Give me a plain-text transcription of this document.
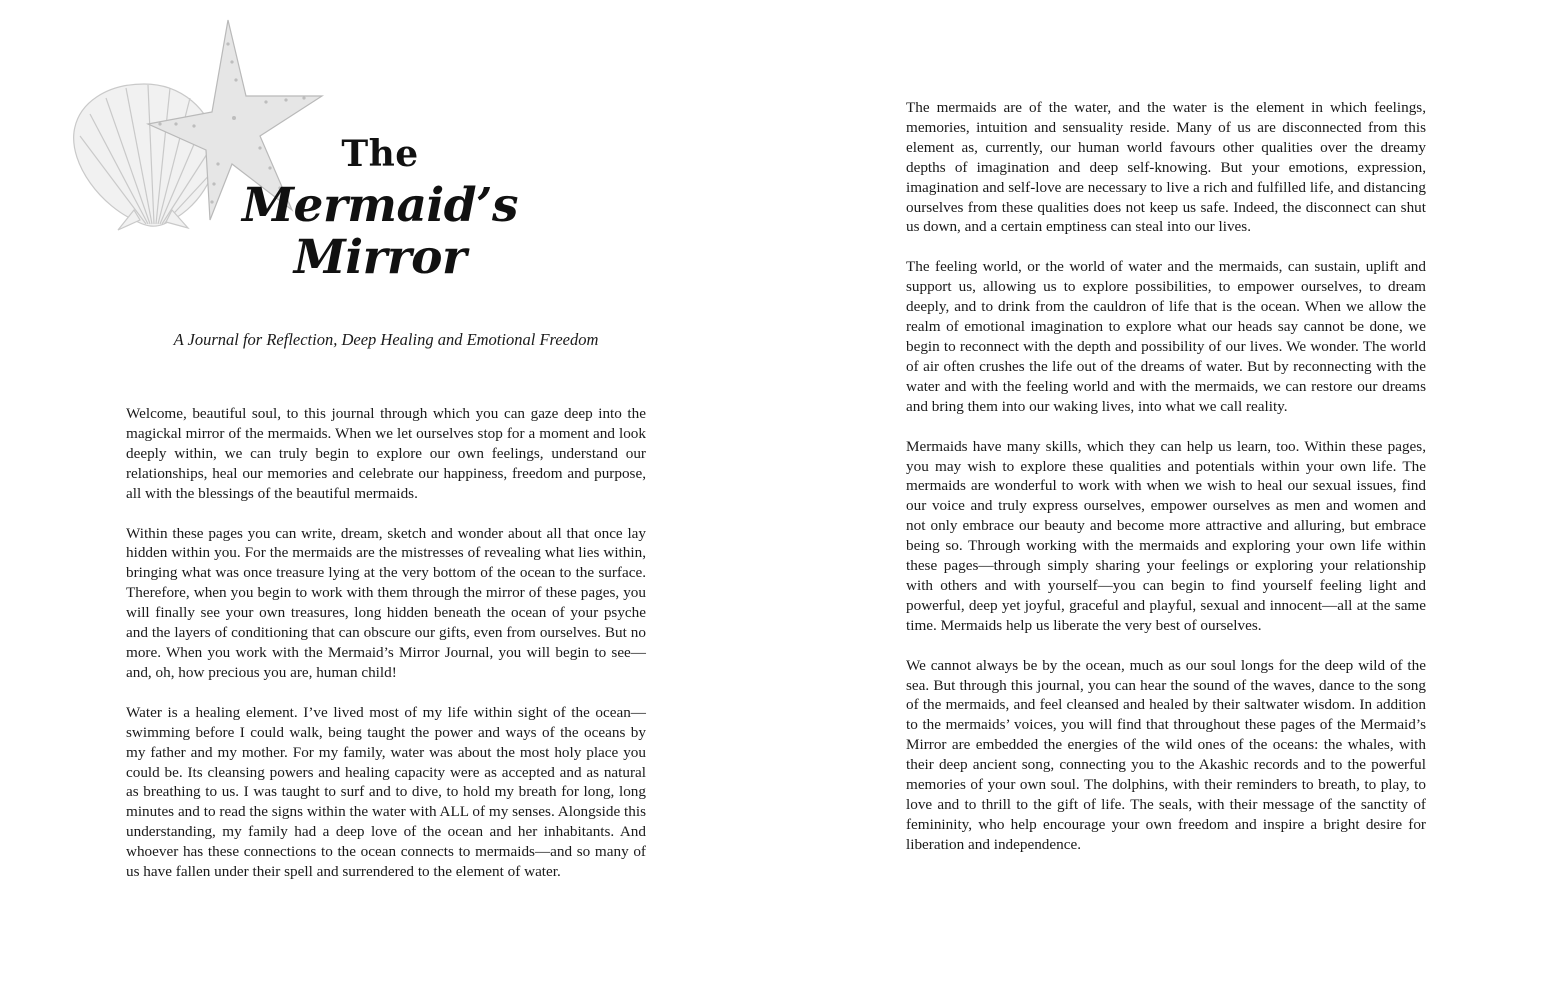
The
Mermaid’s
Mirror

A Journal for Reflection, Deep Healing and Emotional Freedom

Welcome, beautiful soul, to this journal through which you can gaze deep into the magickal mirror of the mermaids. When we let ourselves stop for a moment and look deeply within, we can truly begin to explore our own feelings, understand our relationships, heal our memories and celebrate our happiness, freedom and purpose, all with the blessings of the beautiful mermaids.

Within these pages you can write, dream, sketch and wonder about all that once lay hidden within you. For the mermaids are the mistresses of revealing what lies within, bringing what was once treasure lying at the very bottom of the ocean to the surface. Therefore, when you begin to work with them through the mirror of these pages, you will finally see your own treasures, long hidden beneath the ocean of your psyche and the layers of conditioning that can obscure our gifts, even from ourselves. But no more. When you work with the Mermaid’s Mirror Journal, you will begin to see—and, oh, how precious you are, human child!

Water is a healing element. I’ve lived most of my life within sight of the ocean—swimming before I could walk, being taught the power and ways of the oceans by my father and my mother. For my family, water was about the most holy place you could be. Its cleansing powers and healing capacity were as accepted and as natural as breathing to us. I was taught to surf and to dive, to hold my breath for long, long minutes and to read the signs within the water with ALL of my senses. Alongside this understanding, my family had a deep love of the ocean and her inhabitants. And whoever has these connections to the ocean connects to mermaids—and so many of us have fallen under their spell and surrendered to the element of water.

The mermaids are of the water, and the water is the element in which feelings, memories, intuition and sensuality reside. Many of us are disconnected from this element as, currently, our human world favours other qualities over the dreamy depths of imagination and deep self-knowing. But your emotions, expression, imagination and self-love are necessary to live a rich and fulfilled life, and distancing ourselves from these qualities does not keep us safe. Indeed, the disconnect can shut us down, and a certain emptiness can steal into our lives.

The feeling world, or the world of water and the mermaids, can sustain, uplift and support us, allowing us to explore possibilities, to empower ourselves, to dream deeply, and to drink from the cauldron of life that is the ocean. When we allow the realm of emotional imagination to explore what our heads say cannot be done, we begin to reconnect with the depth and possibility of our lives. We wonder. The world of air often crushes the life out of the dreams of water. But by reconnecting with the water and with the feeling world and with the mermaids, we can restore our dreams and bring them into our waking lives, into what we call reality.

Mermaids have many skills, which they can help us learn, too. Within these pages, you may wish to explore these qualities and potentials within your own life. The mermaids are wonderful to work with when we wish to heal our sexual issues, find our voice and truly express ourselves, empower ourselves as men and women and not only embrace our beauty and become more attractive and alluring, but embrace being so. Through working with the mermaids and exploring your own life within these pages—through simply sharing your feelings or exploring your relationship with others and with yourself—you can begin to find yourself feeling light and powerful, deep yet joyful, graceful and playful, sexual and innocent—all at the same time. Mermaids help us liberate the very best of ourselves.

We cannot always be by the ocean, much as our soul longs for the deep wild of the sea. But through this journal, you can hear the sound of the waves, dance to the song of the mermaids, and feel cleansed and healed by their saltwater wisdom. In addition to the mermaids’ voices, you will find that throughout these pages of the Mermaid’s Mirror are embedded the energies of the wild ones of the oceans: the whales, with their deep ancient song, connecting you to the Akashic records and to the powerful memories of your own soul. The dolphins, with their reminders to breath, to play, to love and to thrill to the gift of life. The seals, with their message of the sanctity of femininity, who help encourage your own freedom and inspire a bright desire for liberation and independence.
